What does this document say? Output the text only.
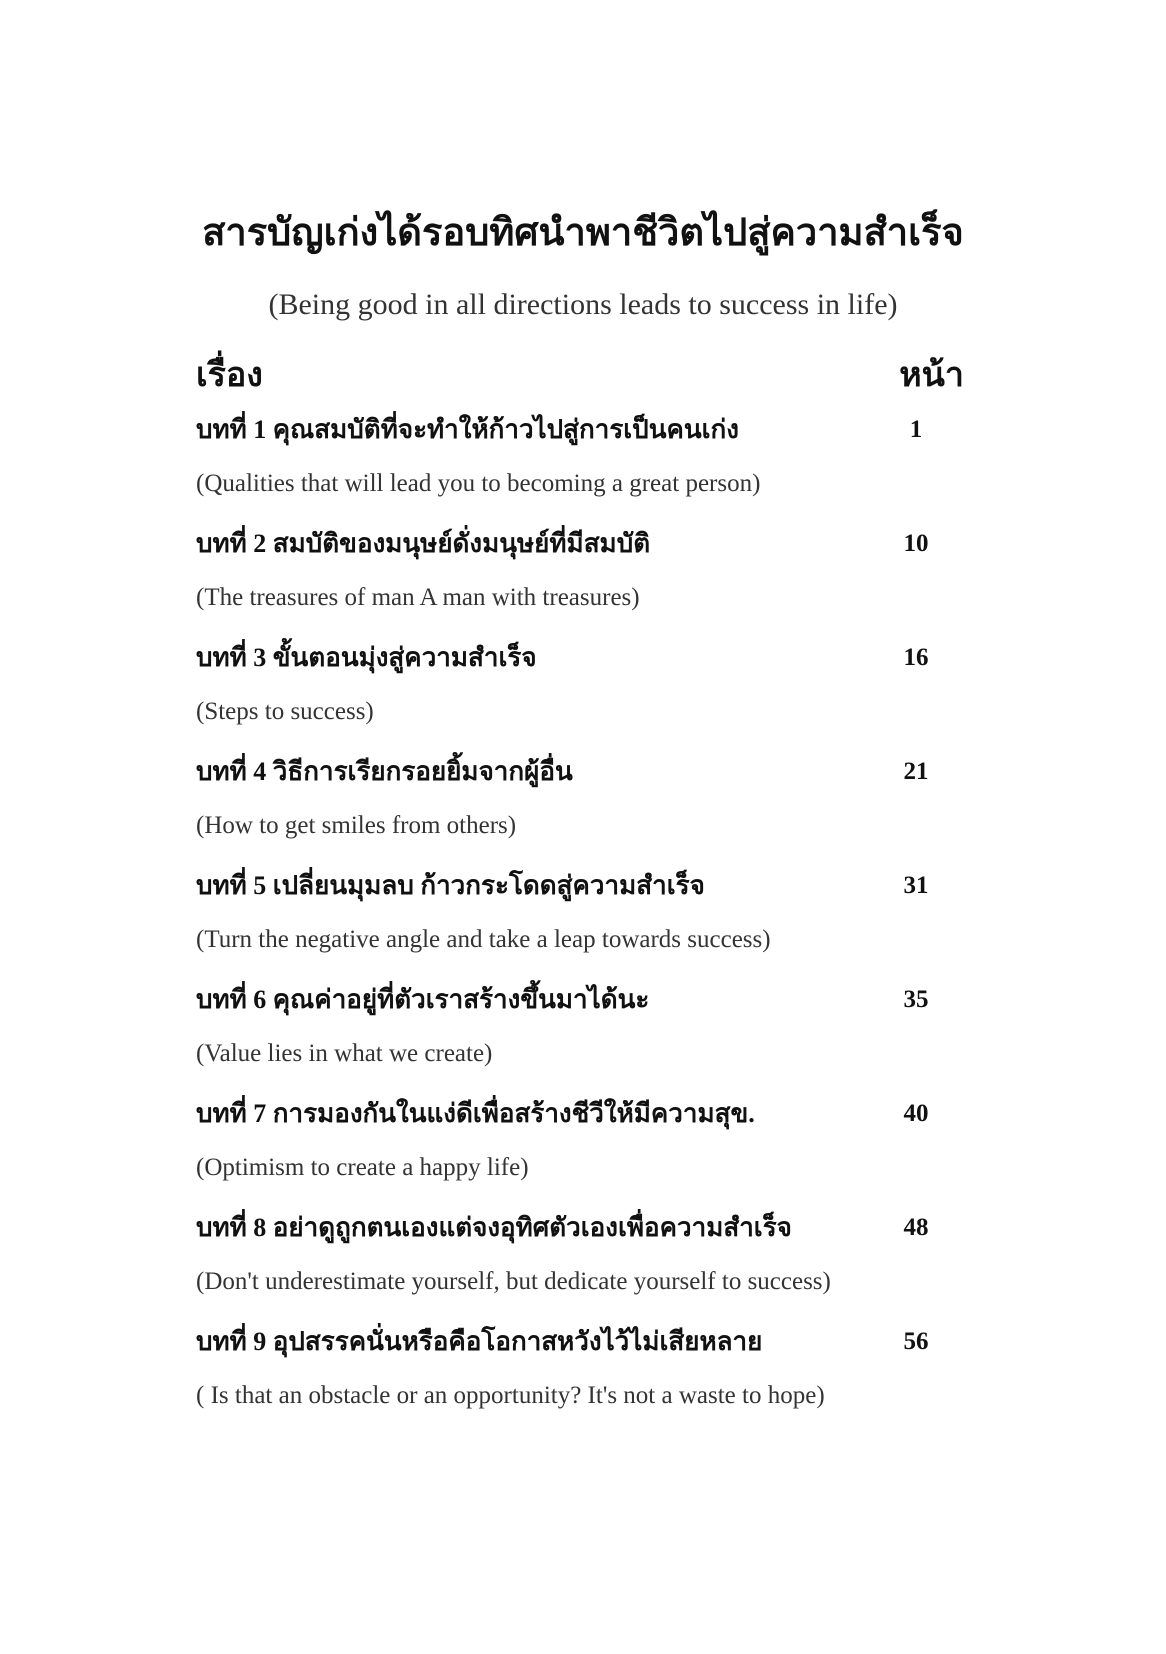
สารบัญเก่งได้รอบทิศนำพาชีวิตไปสู่ความสำเร็จ
(Being good in all directions leads to success in life)
เรื่อง	หน้า
บทที่ 1 คุณสมบัติที่จะทำให้ก้าวไปสู่การเป็นคนเก่ง	1
(Qualities that will lead you to becoming a great person)
บทที่ 2 สมบัติของมนุษย์ดั่งมนุษย์ที่มีสมบัติ	10
(The treasures of man A man with treasures)
บทที่ 3 ขั้นตอนมุ่งสู่ความสำเร็จ	16
(Steps to success)
บทที่ 4 วิธีการเรียกรอยยิ้มจากผู้อื่น	21
(How to get smiles from others)
บทที่ 5 เปลี่ยนมุมลบ ก้าวกระโดดสู่ความสำเร็จ	31
(Turn the negative angle and take a leap towards success)
บทที่ 6 คุณค่าอยู่ที่ตัวเราสร้างขึ้นมาได้นะ	35
(Value lies in what we create)
บทที่ 7 การมองกันในแง่ดีเพื่อสร้างชีวีให้มีความสุข.	40
(Optimism to create a happy life)
บทที่ 8 อย่าดูถูกตนเองแต่จงอุทิศตัวเองเพื่อความสำเร็จ	48
(Don't underestimate yourself, but dedicate yourself to success)
บทที่ 9 อุปสรรคนั่นหรือคือโอกาสหวังไว้ไม่เสียหลาย	56
( Is that an obstacle or an opportunity? It's not a waste to hope)
